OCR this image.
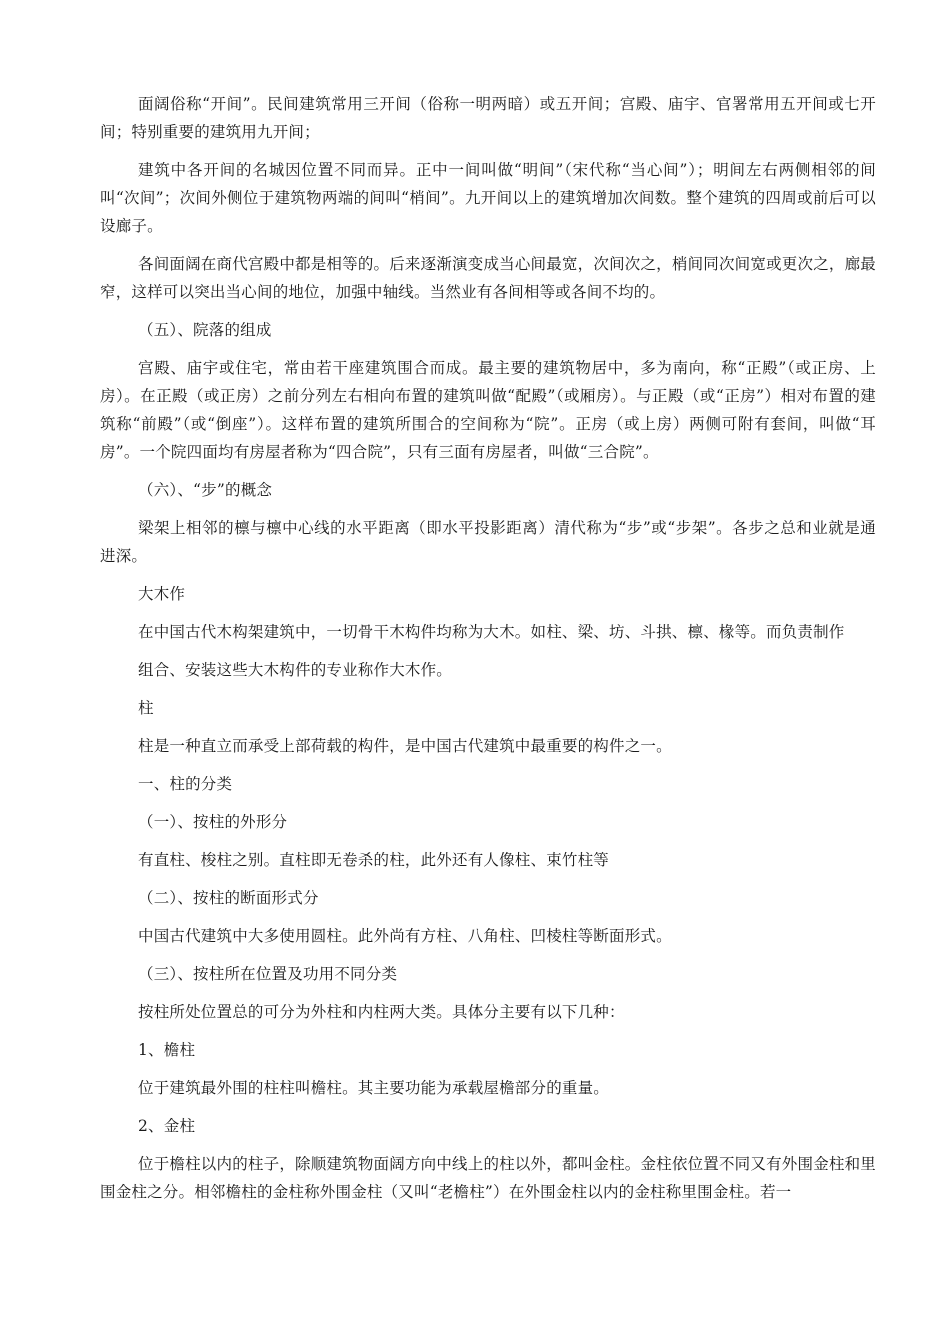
面阔俗称“开间”。民间建筑常用三开间（俗称一明两暗）或五开间；宫殿、庙宇、官署常用五开间或七开间；特别重要的建筑用九开间；

建筑中各开间的名城因位置不同而异。正中一间叫做“明间”（宋代称“当心间”）；明间左右两侧相邻的间叫“次间”；次间外侧位于建筑物两端的间叫“梢间”。九开间以上的建筑增加次间数。整个建筑的四周或前后可以设廊子。

各间面阔在商代宫殿中都是相等的。后来逐渐演变成当心间最宽，次间次之，梢间同次间宽或更次之，廊最窄，这样可以突出当心间的地位，加强中轴线。当然业有各间相等或各间不均的。

（五）、院落的组成

宫殿、庙宇或住宅，常由若干座建筑围合而成。最主要的建筑物居中，多为南向，称“正殿”（或正房、上房）。在正殿（或正房）之前分列左右相向布置的建筑叫做“配殿”（或厢房）。与正殿（或“正房”）相对布置的建筑称“前殿”（或“倒座”）。这样布置的建筑所围合的空间称为“院”。正房（或上房）两侧可附有套间，叫做“耳房”。一个院四面均有房屋者称为“四合院”，只有三面有房屋者，叫做“三合院”。

（六）、“步”的概念

梁架上相邻的檩与檩中心线的水平距离（即水平投影距离）清代称为“步”或“步架”。各步之总和业就是通进深。

大木作

在中国古代木构架建筑中，一切骨干木构件均称为大木。如柱、梁、坊、斗拱、檩、椽等。而负责制作

组合、安装这些大木构件的专业称作大木作。

柱

柱是一种直立而承受上部荷载的构件，是中国古代建筑中最重要的构件之一。

一、柱的分类

（一）、按柱的外形分

有直柱、梭柱之别。直柱即无卷杀的柱，此外还有人像柱、束竹柱等

（二）、按柱的断面形式分

中国古代建筑中大多使用圆柱。此外尚有方柱、八角柱、凹棱柱等断面形式。

（三）、按柱所在位置及功用不同分类

按柱所处位置总的可分为外柱和内柱两大类。具体分主要有以下几种：

1、檐柱

位于建筑最外围的柱柱叫檐柱。其主要功能为承载屋檐部分的重量。

2、金柱

位于檐柱以内的柱子，除顺建筑物面阔方向中线上的柱以外，都叫金柱。金柱依位置不同又有外围金柱和里围金柱之分。相邻檐柱的金柱称外围金柱（又叫“老檐柱”）在外围金柱以内的金柱称里围金柱。若一
